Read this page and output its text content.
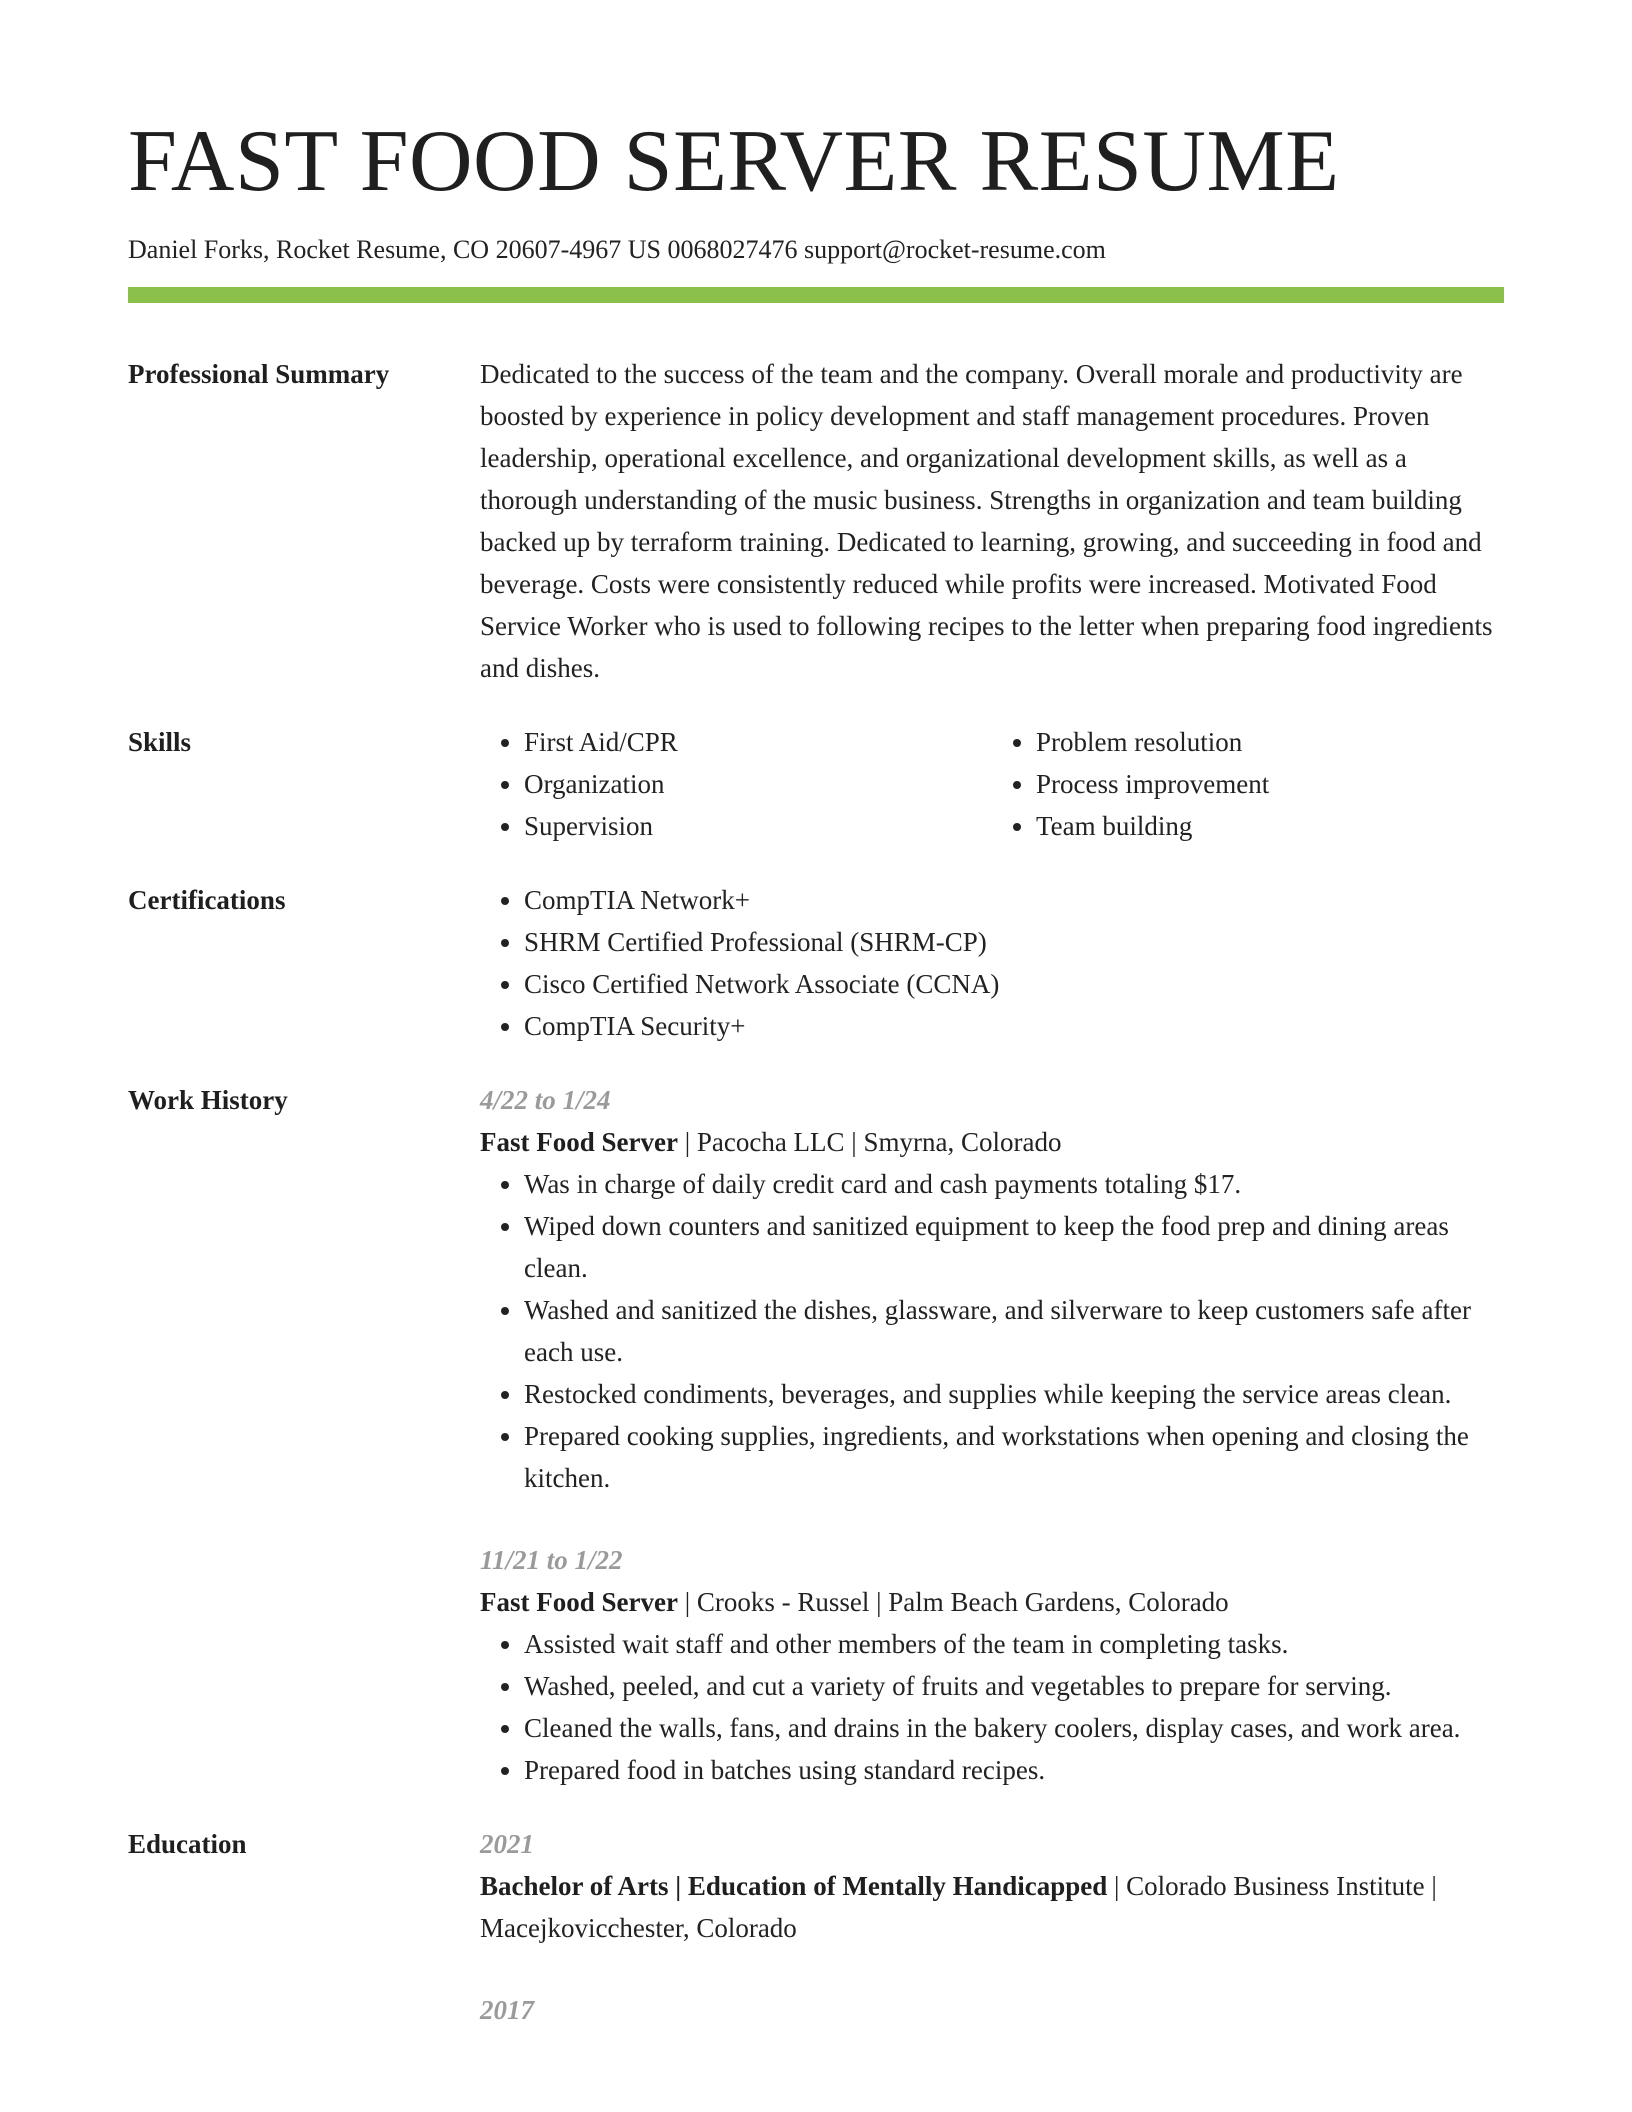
FAST FOOD SERVER RESUME
Daniel Forks, Rocket Resume, CO 20607-4967 US 0068027476 support@rocket-resume.com
Professional Summary	Dedicated to the success of the team and the company. Overall morale and productivity are boosted by experience in policy development and staff management procedures. Proven leadership, operational excellence, and organizational development skills, as well as a thorough understanding of the music business. Strengths in organization and team building backed up by terraform training. Dedicated to learning, growing, and succeeding in food and beverage. Costs were consistently reduced while profits were increased. Motivated Food Service Worker who is used to following recipes to the letter when preparing food ingredients and dishes.
Skills	• First Aid/CPR
• Organization
• Supervision
• Problem resolution
• Process improvement
• Team building
Certifications	• CompTIA Network+
• SHRM Certified Professional (SHRM-CP)
• Cisco Certified Network Associate (CCNA)
• CompTIA Security+
Work History	4/22 to 1/24
Fast Food Server | Pacocha LLC | Smyrna, Colorado
• Was in charge of daily credit card and cash payments totaling $17.
• Wiped down counters and sanitized equipment to keep the food prep and dining areas clean.
• Washed and sanitized the dishes, glassware, and silverware to keep customers safe after each use.
• Restocked condiments, beverages, and supplies while keeping the service areas clean.
• Prepared cooking supplies, ingredients, and workstations when opening and closing the kitchen.
11/21 to 1/22
Fast Food Server | Crooks - Russel | Palm Beach Gardens, Colorado
• Assisted wait staff and other members of the team in completing tasks.
• Washed, peeled, and cut a variety of fruits and vegetables to prepare for serving.
• Cleaned the walls, fans, and drains in the bakery coolers, display cases, and work area.
• Prepared food in batches using standard recipes.
Education	2021
Bachelor of Arts | Education of Mentally Handicapped | Colorado Business Institute | Macejkovicchester, Colorado
2017
